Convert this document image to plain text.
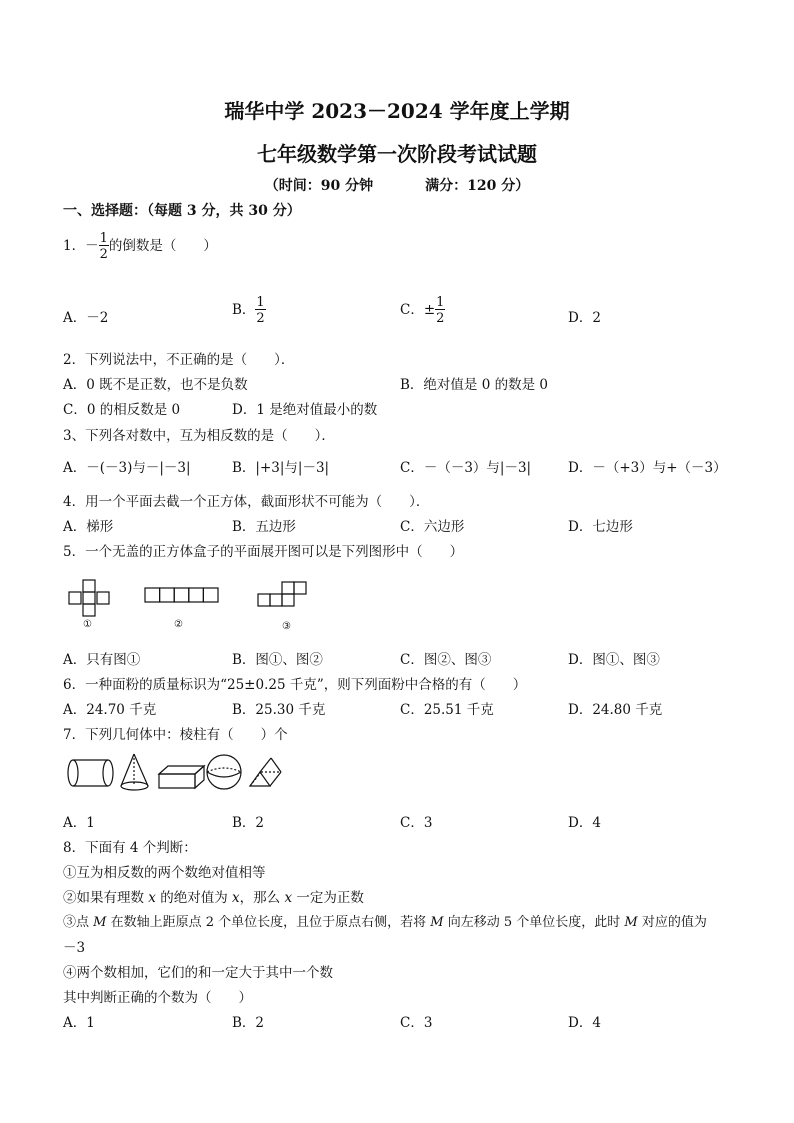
瑞华中学 2023－2024 学年度上学期
七年级数学第一次阶段考试试题
（时间：90 分钟	满分：120 分）
一、选择题：（每题 3 分，共 30 分）
1．－ $\frac{1}{2}$ 的倒数是（　　）
A．－2	B． $\frac{1}{2}$	C．± $\frac{1}{2}$	D．2
2．下列说法中，不正确的是（　　）．
A．0 既不是正数，也不是负数	B．绝对值是 0 的数是 0
C．0 的相反数是 0	D．1 是绝对值最小的数
3、下列各对数中，互为相反数的是（　　）．
A．－(－3)与－|－3|	B．|+3|与|－3|	C．－（－3）与|－3|	D．－（+3）与+（－3）
4．用一个平面去截一个正方体，截面形状不可能为（　　）．
A．梯形	B．五边形	C．六边形	D．七边形
5．一个无盖的正方体盒子的平面展开图可以是下列图形中（　　）
①	②	③
A．只有图①	B．图①、图②	C．图②、图③	D．图①、图③
6．一种面粉的质量标识为“25±0.25 千克”，则下列面粉中合格的有（　　）
A．24.70 千克	B．25.30 千克	C．25.51 千克	D．24.80 千克
7．下列几何体中：棱柱有（　　）个
A．1	B．2	C．3	D．4
8．下面有 4 个判断：
①互为相反数的两个数绝对值相等
②如果有理数 x 的绝对值为 x，那么 x 一定为正数
③点 M 在数轴上距原点 2 个单位长度，且位于原点右侧，若将 M 向左移动 5 个单位长度，此时 M 对应的值为
－3
④两个数相加，它们的和一定大于其中一个数
其中判断正确的个数为（　　）
A．1	B．2	C．3	D．4
